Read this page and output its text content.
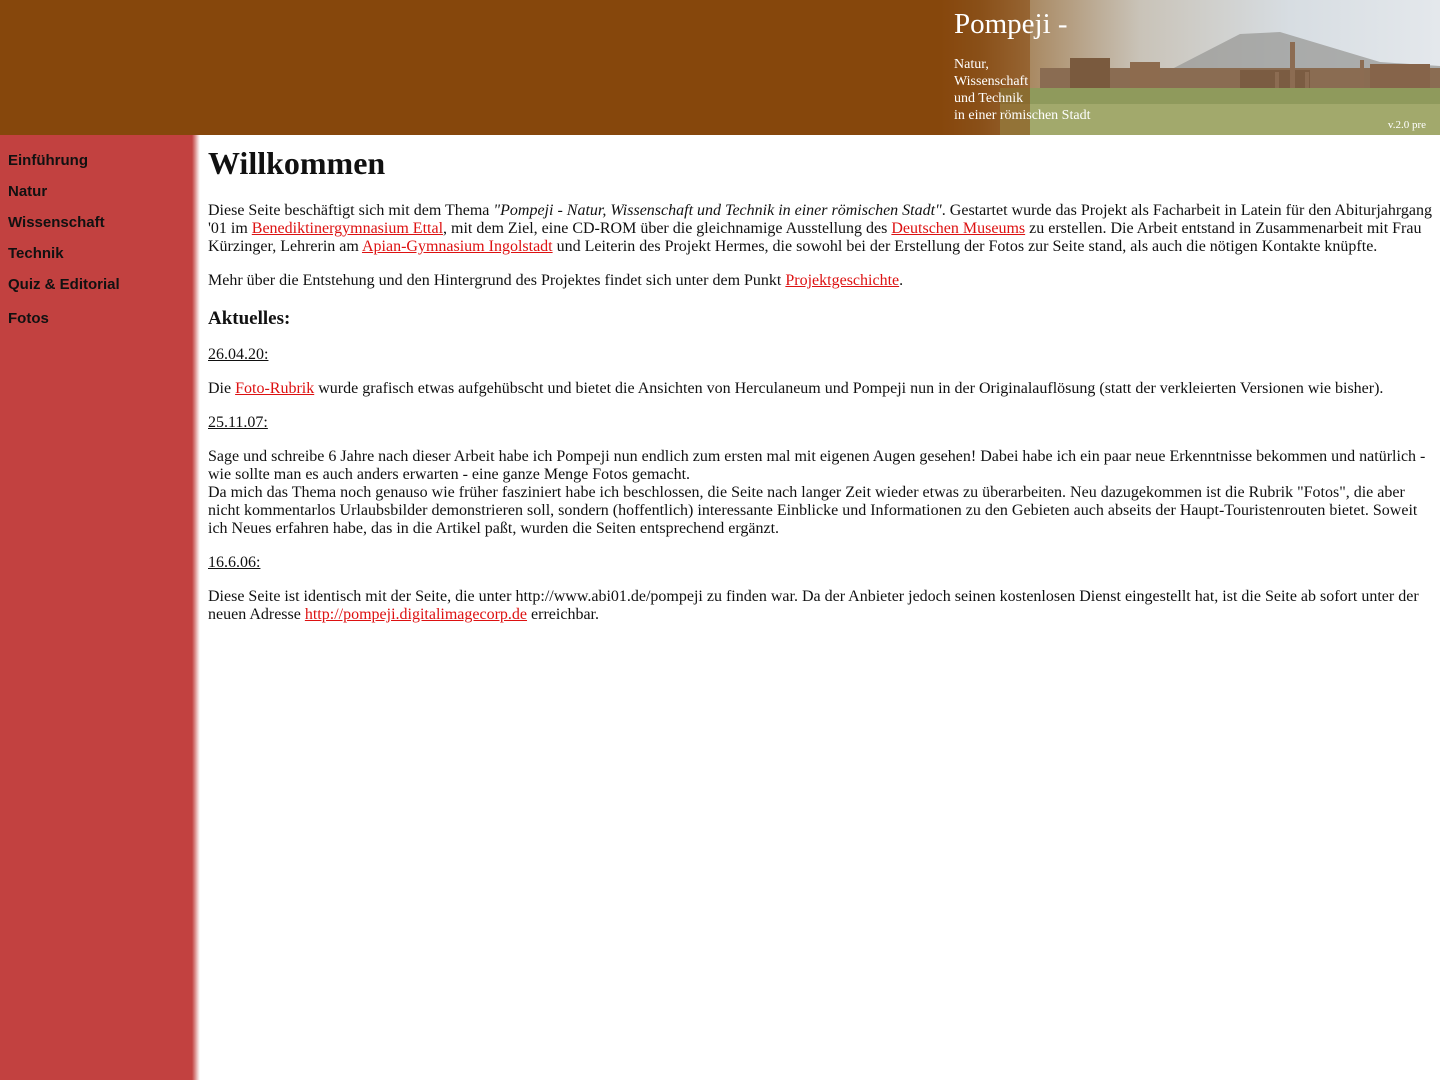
Pompeji -
Natur,
Wissenschaft
und Technik
in einer römischen Stadt
v.2.0 pre
Einführung
Natur
Wissenschaft
Technik
Quiz & Editorial
Fotos
Willkommen

Diese Seite beschäftigt sich mit dem Thema "Pompeji - Natur, Wissenschaft und Technik in einer römischen Stadt". Gestartet wurde das Projekt als Facharbeit in Latein für den Abiturjahrgang '01 im Benediktinergymnasium Ettal, mit dem Ziel, eine CD-ROM über die gleichnamige Ausstellung des Deutschen Museums zu erstellen. Die Arbeit entstand in Zusammenarbeit mit Frau Kürzinger, Lehrerin am Apian-Gymnasium Ingolstadt und Leiterin des Projekt Hermes, die sowohl bei der Erstellung der Fotos zur Seite stand, als auch die nötigen Kontakte knüpfte.

Mehr über die Entstehung und den Hintergrund des Projektes findet sich unter dem Punkt Projektgeschichte.

Aktuelles:

26.04.20:

Die Foto-Rubrik wurde grafisch etwas aufgehübscht und bietet die Ansichten von Herculaneum und Pompeji nun in der Originalauflösung (statt der verkleierten Versionen wie bisher).

25.11.07:

Sage und schreibe 6 Jahre nach dieser Arbeit habe ich Pompeji nun endlich zum ersten mal mit eigenen Augen gesehen! Dabei habe ich ein paar neue Erkenntnisse bekommen und natürlich - wie sollte man es auch anders erwarten - eine ganze Menge Fotos gemacht.
Da mich das Thema noch genauso wie früher fasziniert habe ich beschlossen, die Seite nach langer Zeit wieder etwas zu überarbeiten. Neu dazugekommen ist die Rubrik "Fotos", die aber nicht kommentarlos Urlaubsbilder demonstrieren soll, sondern (hoffentlich) interessante Einblicke und Informationen zu den Gebieten auch abseits der Haupt-Touristenrouten bietet. Soweit ich Neues erfahren habe, das in die Artikel paßt, wurden die Seiten entsprechend ergänzt.

16.6.06:

Diese Seite ist identisch mit der Seite, die unter http://www.abi01.de/pompeji zu finden war. Da der Anbieter jedoch seinen kostenlosen Dienst eingestellt hat, ist die Seite ab sofort unter der neuen Adresse http://pompeji.digitalimagecorp.de erreichbar.
